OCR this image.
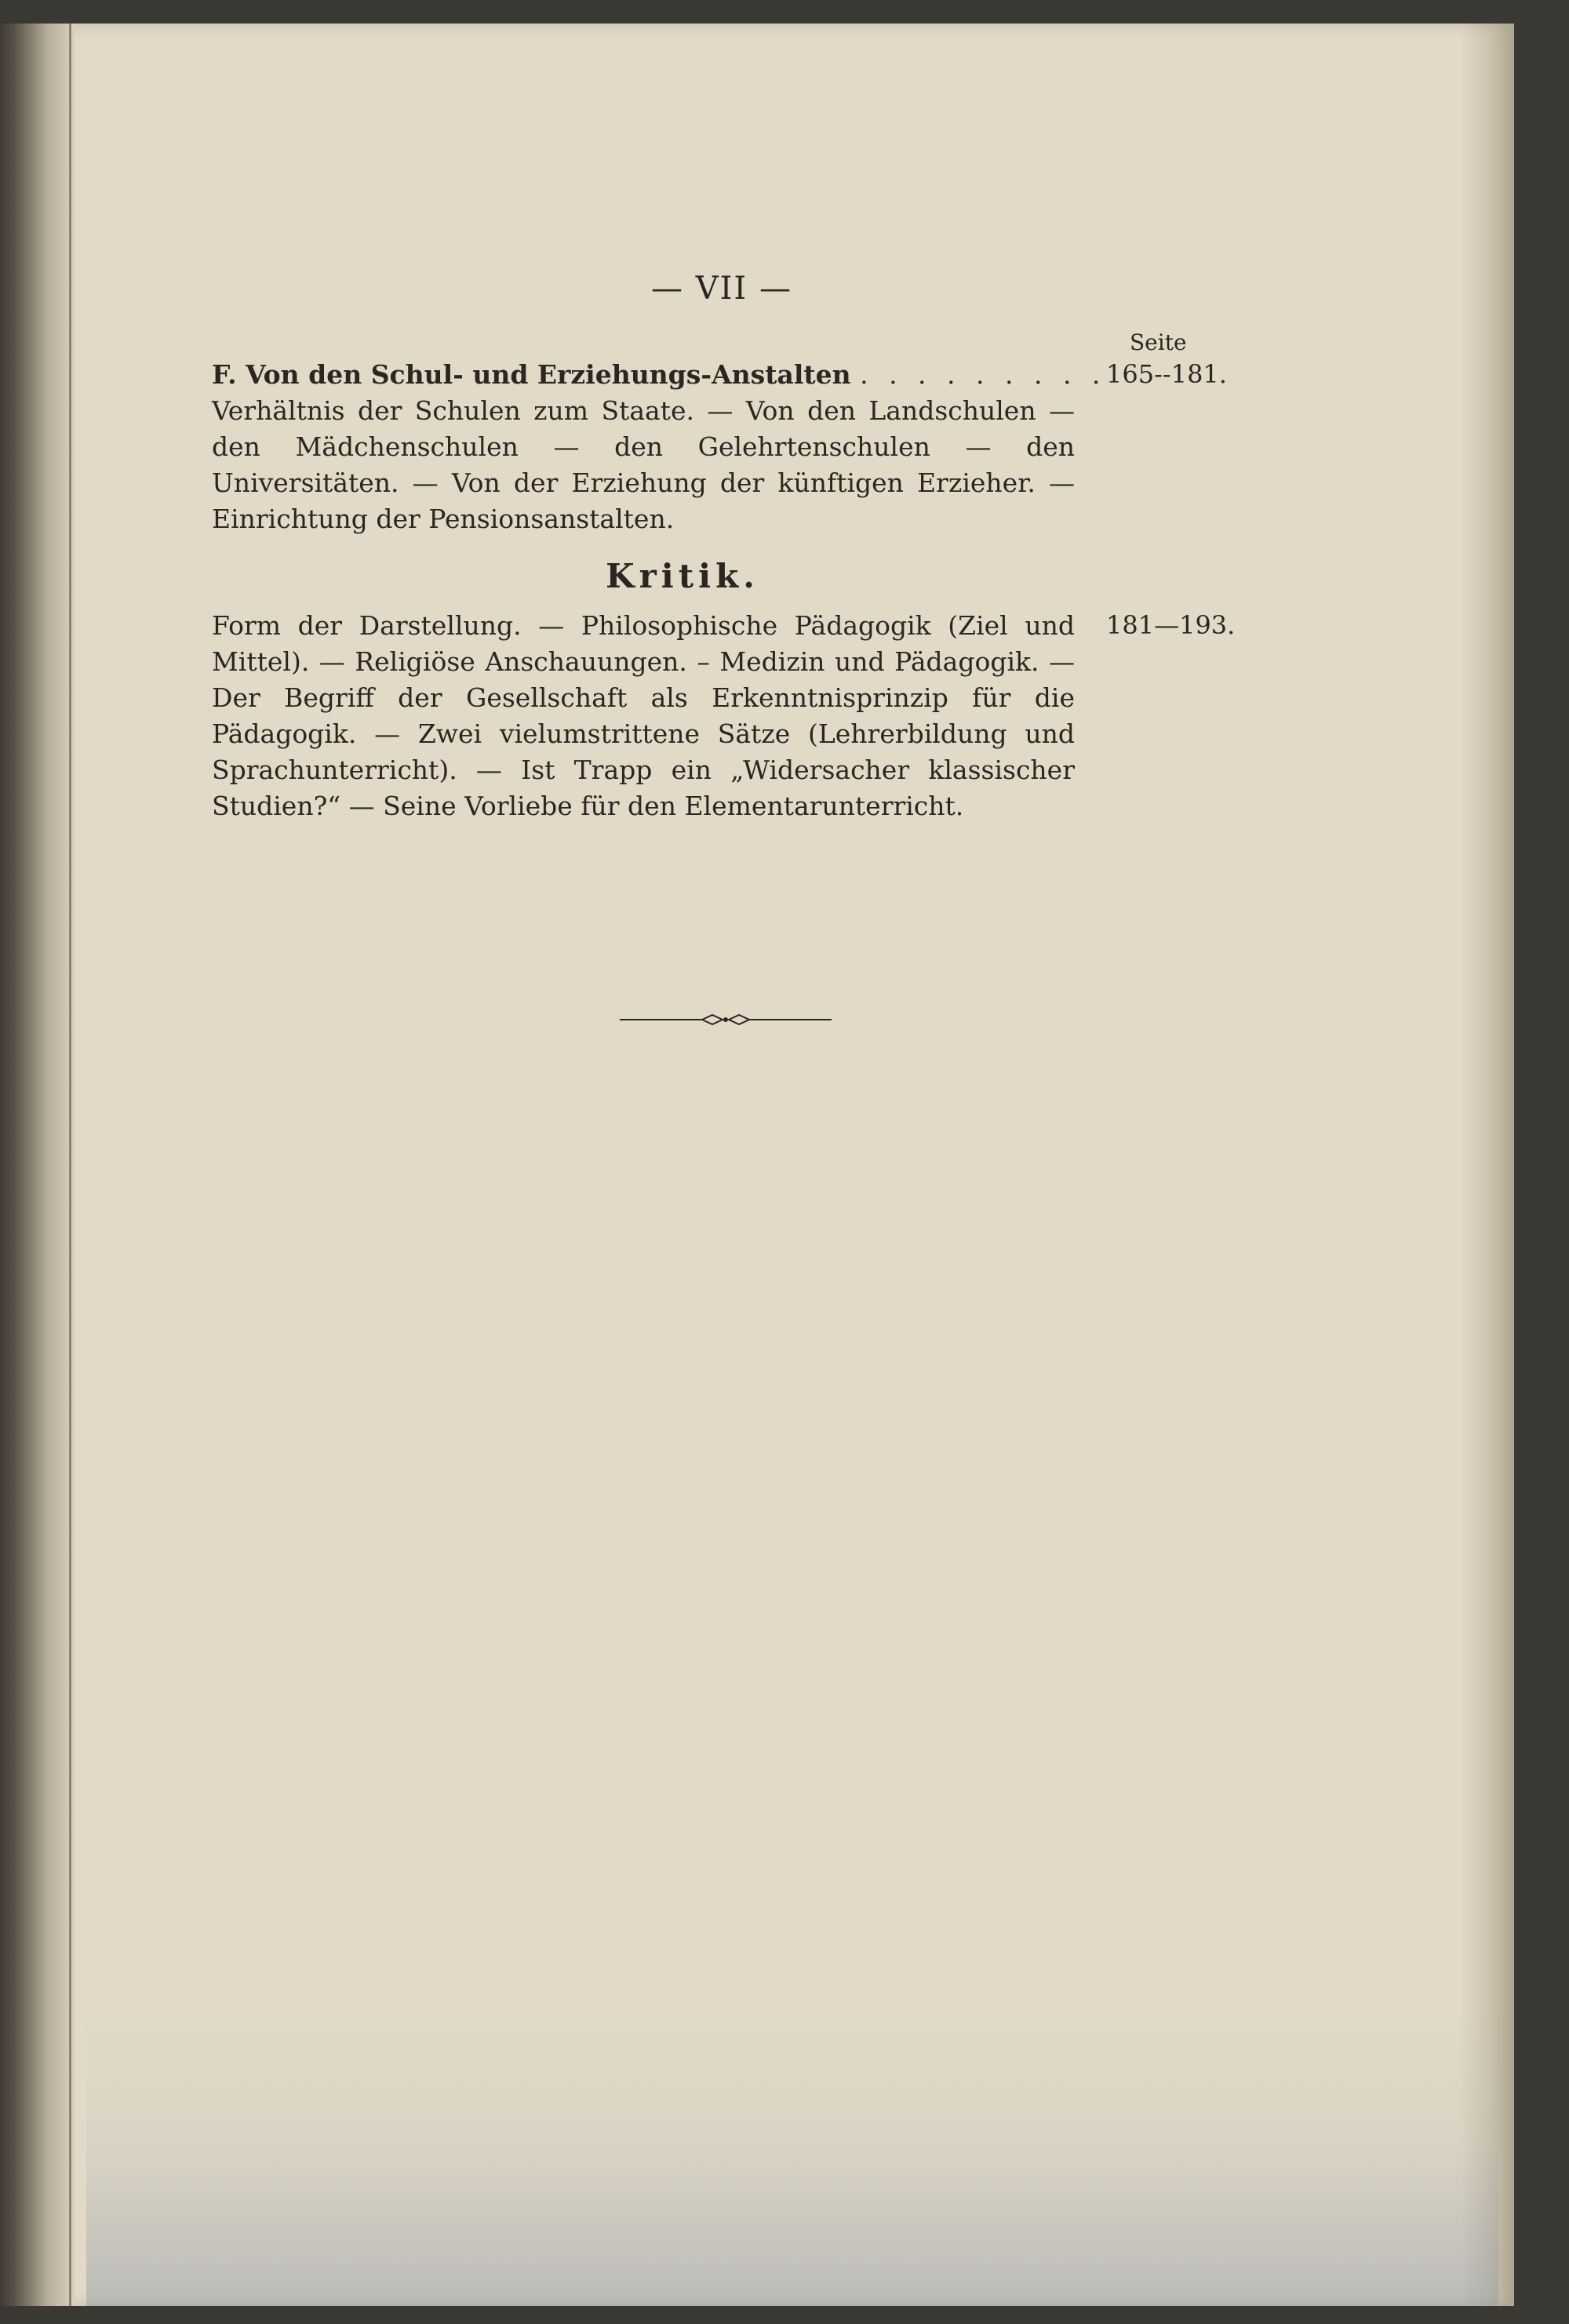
— VII —
Seite
F. Von den Schul- und Erziehungs-Anstalten . . . . . . . . .
Verhältnis der Schulen zum Staate. — Von den Landschulen — den Mädchenschulen — den Gelehrtenschulen — den Universitäten. — Von der Erziehung der künftigen Erzieher. — Einrichtung der Pensionsanstalten.
165--181.
Kritik.
Form der Darstellung. — Philosophische Pädagogik (Ziel und Mittel). — Religiöse Anschauungen. – Medizin und Pädagogik. — Der Begriff der Gesellschaft als Erkenntnisprinzip für die Pädagogik. — Zwei vielumstrittene Sätze (Lehrerbildung und Sprachunterricht). — Ist Trapp ein „Widersacher klassischer Studien?“ — Seine Vorliebe für den Elementarunterricht.
181—193.
